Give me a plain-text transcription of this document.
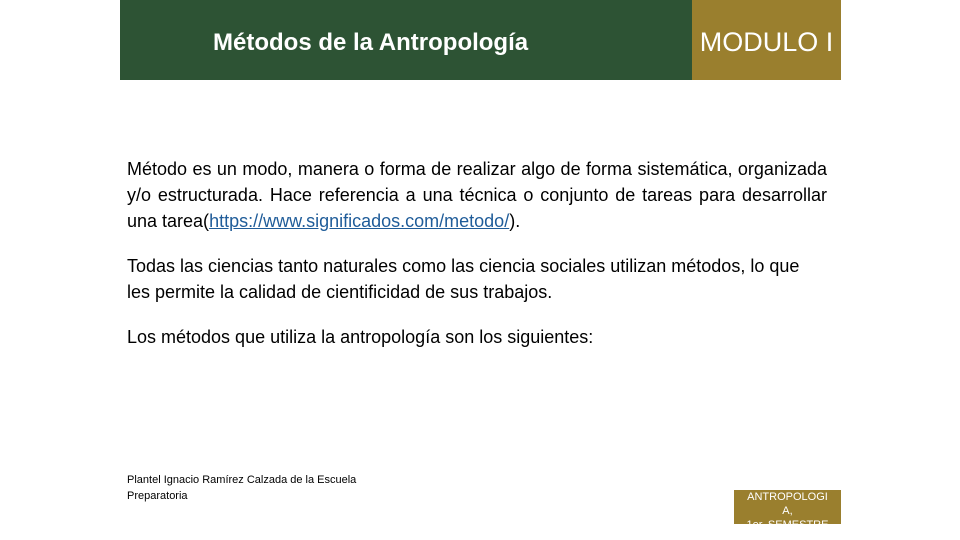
Métodos de la Antropología	MODULO I
Método es un modo, manera o forma de realizar algo de forma sistemática, organizada y/o estructurada. Hace referencia a una técnica o conjunto de tareas para desarrollar una tarea(https://www.significados.com/metodo/).
Todas las ciencias tanto naturales como las ciencia sociales utilizan métodos, lo que les permite la calidad de cientificidad de sus trabajos.
Los métodos que utiliza la antropología son los siguientes:
Plantel Ignacio Ramírez Calzada de la Escuela Preparatoria	ANTROPOLOGI
A,
1er. SEMESTRE
